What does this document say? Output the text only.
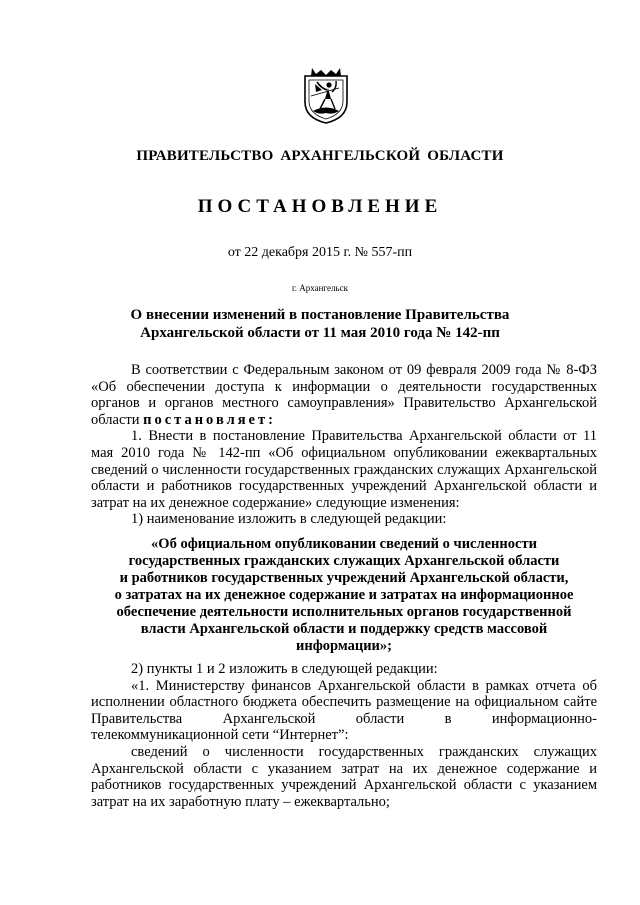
ПРАВИТЕЛЬСТВО АРХАНГЕЛЬСКОЙ ОБЛАСТИ
ПОСТАНОВЛЕНИЕ
от 22 декабря 2015 г. № 557-пп
г. Архангельск
О внесении изменений в постановление Правительства
Архангельской области от 11 мая 2010 года № 142-пп

В соответствии с Федеральным законом от 09 февраля 2009 года № 8-ФЗ «Об обеспечении доступа к информации о деятельности государственных органов и органов местного самоуправления» Правительство Архангельской области постановляет:

1. Внести в постановление Правительства Архангельской области от 11 мая 2010 года № 142-пп «Об официальном опубликовании ежеквартальных сведений о численности государственных гражданских служащих Архангельской области и работников государственных учреждений Архангельской области и затрат на их денежное содержание» следующие изменения:

1) наименование изложить в следующей редакции:

«Об официальном опубликовании сведений о численности
государственных гражданских служащих Архангельской области
и работников государственных учреждений Архангельской области,
о затратах на их денежное содержание и затратах на информационное
обеспечение деятельности исполнительных органов государственной
власти Архангельской области и поддержку средств массовой
информации»;

2) пункты 1 и 2 изложить в следующей редакции:

«1. Министерству финансов Архангельской области в рамках отчета об исполнении областного бюджета обеспечить размещение на официальном сайте Правительства Архангельской области в информационно-телекоммуникационной сети “Интернет”:

сведений о численности государственных гражданских служащих Архангельской области с указанием затрат на их денежное содержание и работников государственных учреждений Архангельской области с указанием затрат на их заработную плату – ежеквартально;
